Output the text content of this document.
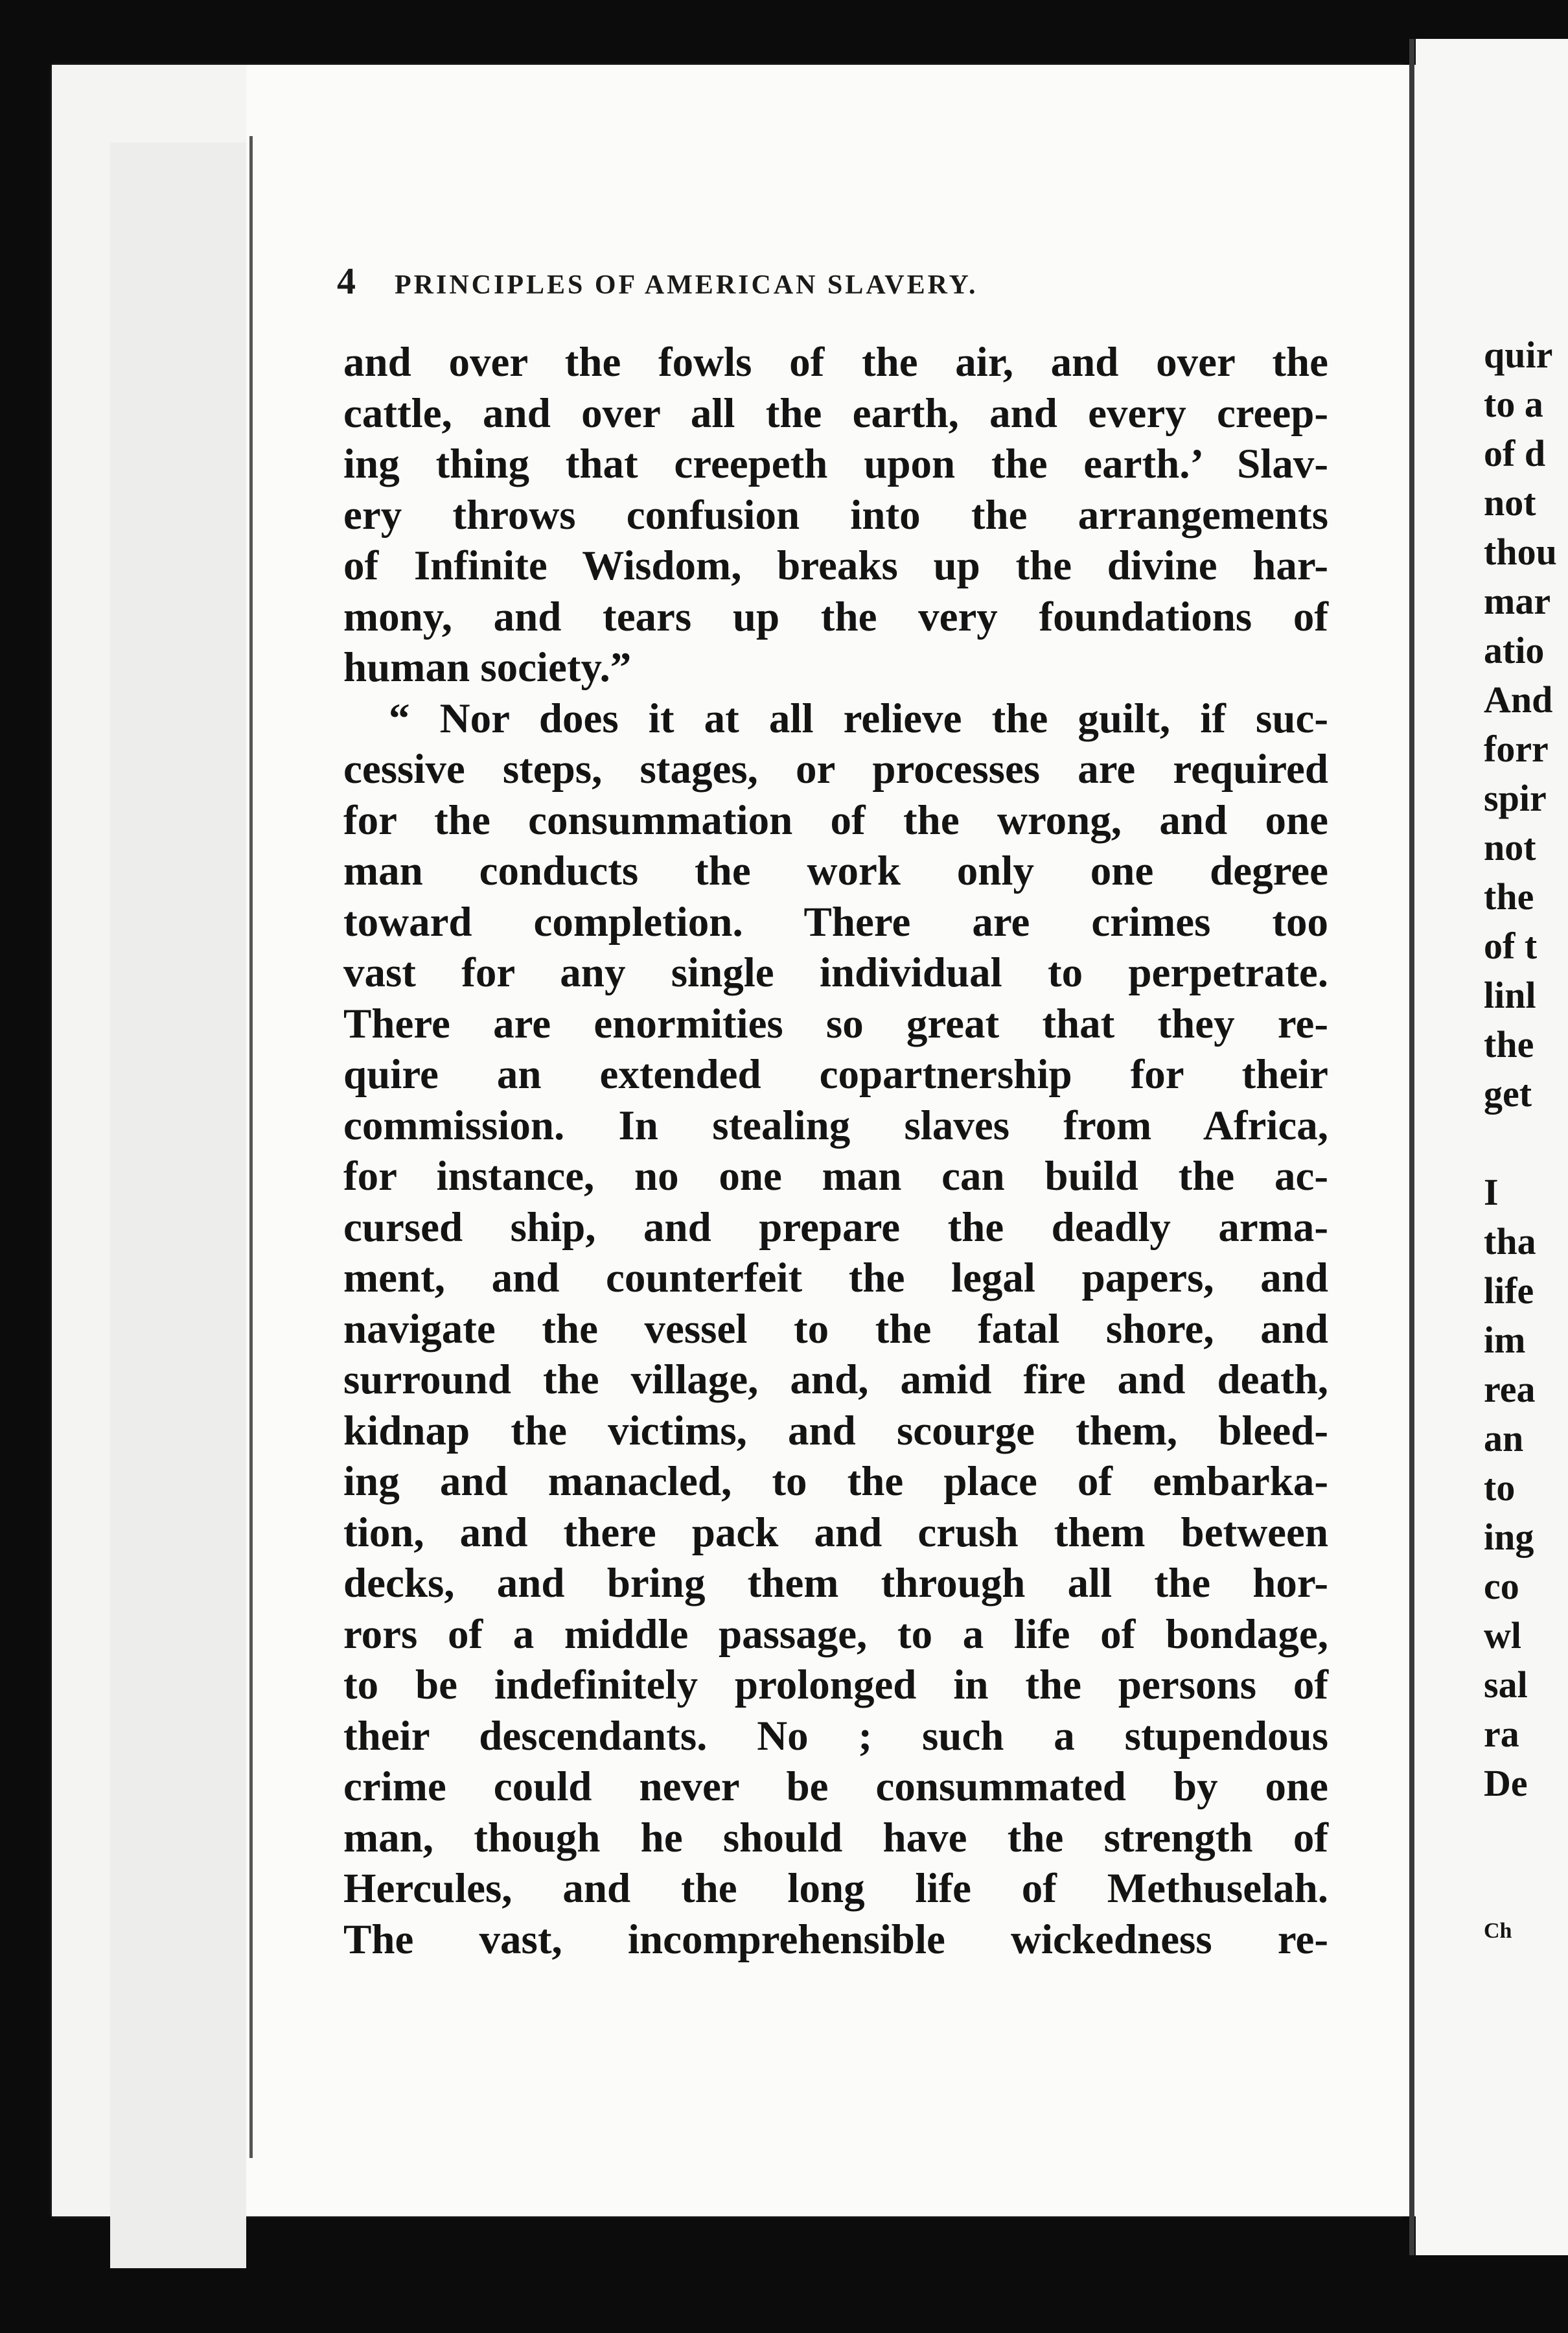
4 PRINCIPLES OF AMERICAN SLAVERY.
and over the fowls of the air, and over the
cattle, and over all the earth, and every creep-
ing thing that creepeth upon the earth.’ Slav-
ery throws confusion into the arrangements
of Infinite Wisdom, breaks up the divine har-
mony, and tears up the very foundations of
human society.”
“ Nor does it at all relieve the guilt, if suc-
cessive steps, stages, or processes are required
for the consummation of the wrong, and one
man conducts the work only one degree
toward completion. There are crimes too
vast for any single individual to perpetrate.
There are enormities so great that they re-
quire an extended copartnership for their
commission. In stealing slaves from Africa,
for instance, no one man can build the ac-
cursed ship, and prepare the deadly arma-
ment, and counterfeit the legal papers, and
navigate the vessel to the fatal shore, and
surround the village, and, amid fire and death,
kidnap the victims, and scourge them, bleed-
ing and manacled, to the place of embarka-
tion, and there pack and crush them between
decks, and bring them through all the hor-
rors of a middle passage, to a life of bondage,
to be indefinitely prolonged in the persons of
their descendants. No ; such a stupendous
crime could never be consummated by one
man, though he should have the strength of
Hercules, and the long life of Methuselah.
The vast, incomprehensible wickedness re-
quir
to a
of d
not
thou
mar
atio
And
forr
spir
not
the
of t
linl
the
get

I
tha
life
im
rea
an
to
ing
co
wl
sal
ra
De

Ch
